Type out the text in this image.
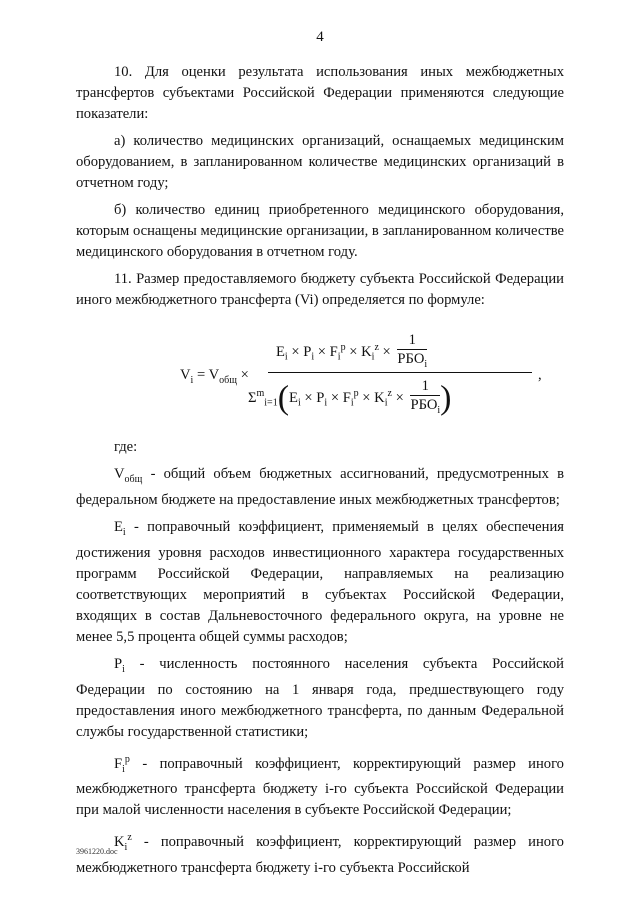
4

10. Для оценки результата использования иных межбюджетных трансфертов субъектами Российской Федерации применяются следующие показатели:

а) количество медицинских организаций, оснащаемых медицинским оборудованием, в запланированном количестве медицинских организаций в отчетном году;

б) количество единиц приобретенного медицинского оборудования, которым оснащены медицинские организации, в запланированном количестве медицинского оборудования в отчетном году.

11. Размер предоставляемого бюджету субъекта Российской Федерации иного межбюджетного трансферта (Vi) определяется по формуле:

$V_i = V_{общ}$ ×
$E_i \times P_i \times F_i^p \times K_i^z \times \frac{1}{РБО_i}$
$\Sigma^m_{i=1}(E_i \times P_i \times F_i^p \times K_i^z \times \frac{1}{РБО_i}$ )
,

где:

$V_{общ}$ - общий объем бюджетных ассигнований, предусмотренных в федеральном бюджете на предоставление иных межбюджетных трансфертов;

$E_i$ - поправочный коэффициент, применяемый в целях обеспечения достижения уровня расходов инвестиционного характера государственных программ Российской Федерации, направляемых на реализацию соответствующих мероприятий в субъектах Российской Федерации, входящих в состав Дальневосточного федерального округа, на уровне не менее 5,5 процента общей суммы расходов;

$P_i$ - численность постоянного населения субъекта Российской Федерации по состоянию на 1 января года, предшествующего году предоставления иного межбюджетного трансферта, по данным Федеральной службы государственной статистики;

$F_i^p$ - поправочный коэффициент, корректирующий размер иного межбюджетного трансферта бюджету i-го субъекта Российской Федерации при малой численности населения в субъекте Российской Федерации;

$K_i^z$ - поправочный коэффициент, корректирующий размер иного межбюджетного трансферта бюджету i-го субъекта Российской

3961220.doc
